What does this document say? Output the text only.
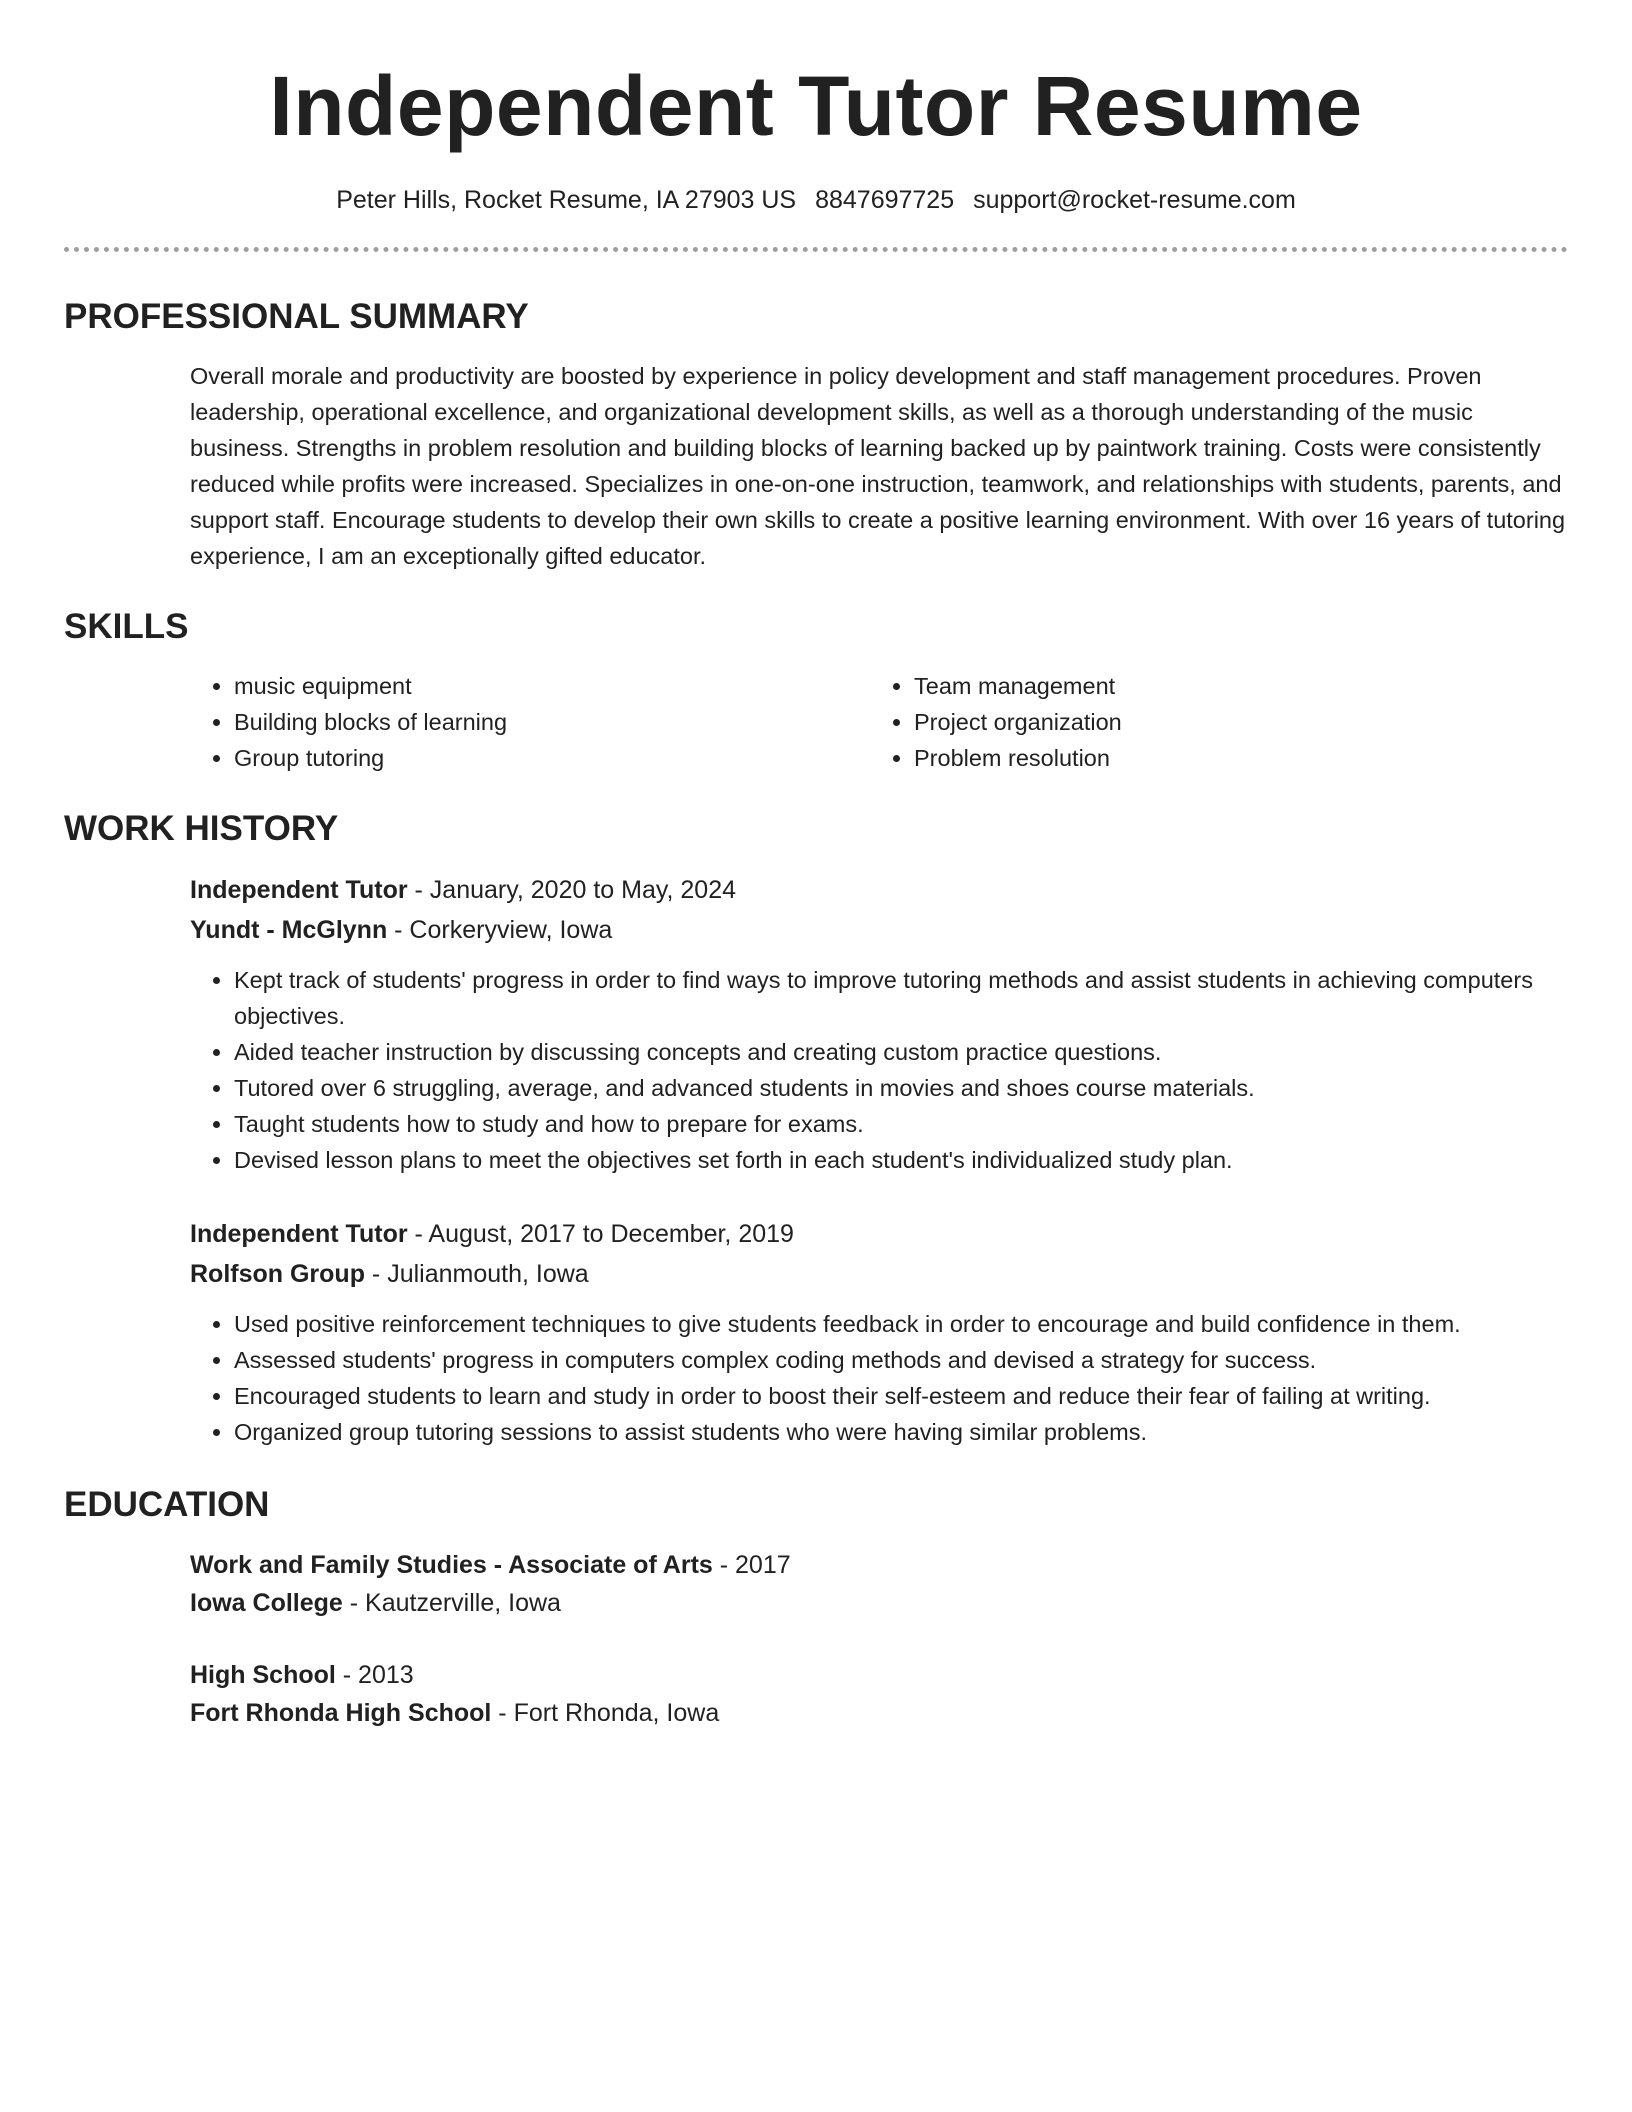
Independent Tutor Resume
Peter Hills, Rocket Resume, IA 27903 US 8847697725 support@rocket-resume.com
PROFESSIONAL SUMMARY

Overall morale and productivity are boosted by experience in policy development and staff management procedures. Proven leadership, operational excellence, and organizational development skills, as well as a thorough understanding of the music business. Strengths in problem resolution and building blocks of learning backed up by paintwork training. Costs were consistently reduced while profits were increased. Specializes in one-on-one instruction, teamwork, and relationships with students, parents, and support staff. Encourage students to develop their own skills to create a positive learning environment. With over 16 years of tutoring experience, I am an exceptionally gifted educator.

SKILLS
• music equipment
• Building blocks of learning
• Group tutoring
• Team management
• Project organization
• Problem resolution
WORK HISTORY
Independent Tutor - January, 2020 to May, 2024
Yundt - McGlynn - Corkeryview, Iowa
• Kept track of students' progress in order to find ways to improve tutoring methods and assist students in achieving computers objectives.
• Aided teacher instruction by discussing concepts and creating custom practice questions.
• Tutored over 6 struggling, average, and advanced students in movies and shoes course materials.
• Taught students how to study and how to prepare for exams.
• Devised lesson plans to meet the objectives set forth in each student's individualized study plan.
Independent Tutor - August, 2017 to December, 2019
Rolfson Group - Julianmouth, Iowa
• Used positive reinforcement techniques to give students feedback in order to encourage and build confidence in them.
• Assessed students' progress in computers complex coding methods and devised a strategy for success.
• Encouraged students to learn and study in order to boost their self-esteem and reduce their fear of failing at writing.
• Organized group tutoring sessions to assist students who were having similar problems.
EDUCATION
Work and Family Studies - Associate of Arts - 2017
Iowa College - Kautzerville, Iowa
High School - 2013
Fort Rhonda High School - Fort Rhonda, Iowa
